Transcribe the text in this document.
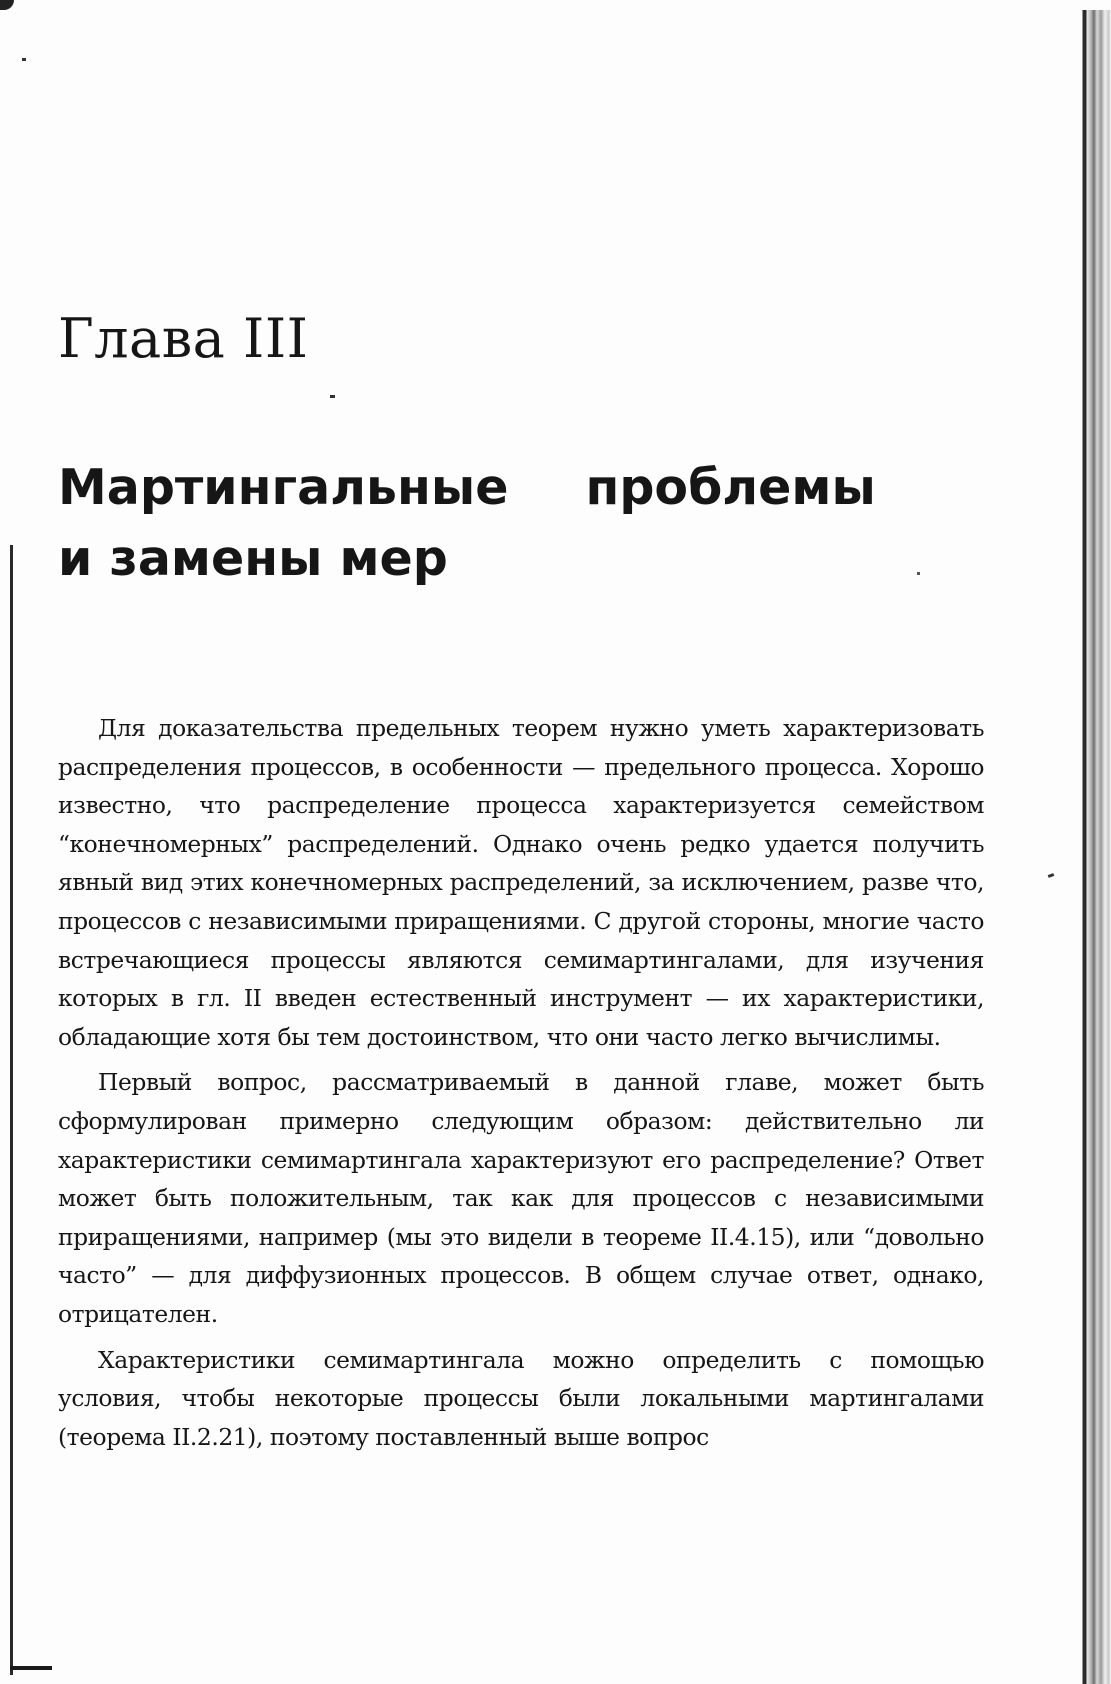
Глава III
Мартингальные проблемы
и замены мер

Для доказательства предельных теорем нужно уметь характеризовать распределения процессов, в особенности — предельного процесса. Хорошо известно, что распределение процесса характеризуется семейством “конечномерных” распределений. Однако очень редко удается получить явный вид этих конечномерных распределений, за исключением, разве что, процессов с независимыми приращениями. С другой стороны, многие часто встречающиеся процессы являются семимартингалами, для изучения которых в гл. II введен естественный инструмент — их характеристики, обладающие хотя бы тем достоинством, что они часто легко вычислимы.

Первый вопрос, рассматриваемый в данной главе, может быть сформулирован примерно следующим образом: действительно ли характеристики семимартингала характеризуют его распределение? Ответ может быть положительным, так как для процессов с независимыми приращениями, например (мы это видели в теореме II.4.15), или “довольно часто” — для диффузионных процессов. В общем случае ответ, однако, отрицателен.

Характеристики семимартингала можно определить с помощью условия, чтобы некоторые процессы были локальными мартингалами (теорема II.2.21), поэтому поставленный выше вопрос
